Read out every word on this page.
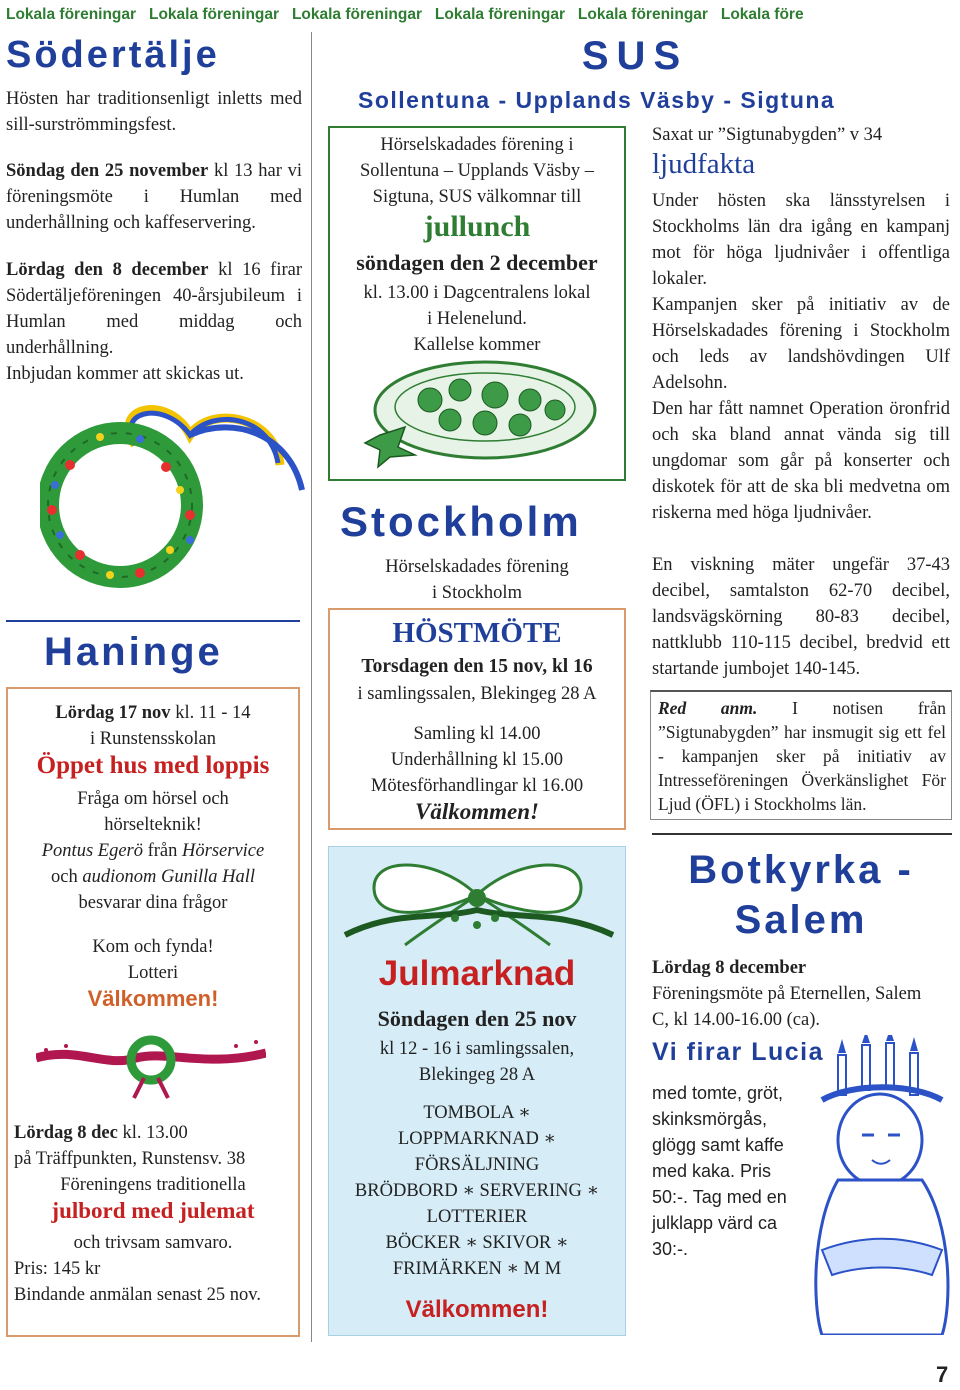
Lokala föreningar   Lokala föreningar   Lokala föreningar   Lokala föreningar   Lokala föreningar   Lokala före
Södertälje
Hösten har traditionsenligt inletts med sill-surströmmingsfest.
Söndag den 25 november kl 13 har vi föreningsmöte i Humlan med underhållning och kaffeservering.
Lördag den 8 december kl 16 firar Södertäljeföreningen 40-årsjubileum i Humlan med middag och underhållning.
Inbjudan kommer att skickas ut.
Haninge
Lördag 17 nov kl. 11 - 14
i Runstensskolan
Öppet hus med loppis
Fråga om hörsel och
hörselteknik!
Pontus Egerö från Hörservice
och audionom Gunilla Hall
besvarar dina frågor
Kom och fynda!
Lotteri
Välkommen!
Lördag 8 dec kl. 13.00
på Träffpunkten, Runstensv. 38
Föreningens traditionella
julbord med julemat
och trivsam samvaro.
Pris: 145 kr
Bindande anmälan senast 25 nov.
SUS
Sollentuna - Upplands Väsby - Sigtuna
Hörselskadades förening i
Sollentuna – Upplands Väsby –
Sigtuna, SUS välkomnar till
jullunch
söndagen den 2 december
kl. 13.00 i Dagcentralens lokal
i Helenelund.
Kallelse kommer
Stockholm
Hörselskadades förening
i Stockholm
HÖSTMÖTE
Torsdagen den 15 nov, kl 16
i samlingssalen, Blekingeg 28 A
Samling kl 14.00
Underhållning kl 15.00
Mötesförhandlingar kl 16.00
Välkommen!
Julmarknad
Söndagen den 25 nov
kl 12 - 16 i samlingssalen,
Blekingeg 28 A
TOMBOLA ∗
LOPPMARKNAD ∗
FÖRSÄLJNING
BRÖDBORD ∗ SERVERING ∗
LOTTERIER
BÖCKER ∗ SKIVOR ∗
FRIMÄRKEN ∗ M M
Välkommen!
Saxat ur ”Sigtunabygden” v 34
ljudfakta
Under hösten ska länsstyrelsen i Stockholms län dra igång en kampanj mot för höga ljudnivåer i offentliga lokaler.
Kampanjen sker på initiativ av de Hörselskadades förening i Stockholm och leds av landshövdingen Ulf Adelsohn.
Den har fått namnet Operation öronfrid och ska bland annat vända sig till ungdomar som går på konserter och diskotek för att de ska bli medvetna om riskerna med höga ljudnivåer.
En viskning mäter ungefär 37-43 decibel, samtalston 62-70 decibel, landsvägskörning 80-83 decibel, nattklubb 110-115 decibel, bredvid ett startande jumbojet 140-145.
Red anm. I notisen från ”Sigtunabygden” har insmugit sig ett fel - kampanjen sker på initiativ av Intresseföreningen Överkänslighet För Ljud (ÖFL) i Stockholms län.
Botkyrka -
Salem
Lördag 8 december
Föreningsmöte på Eternellen, Salem C, kl 14.00-16.00 (ca).
Vi firar Lucia
med tomte, gröt, skinksmörgås, glögg samt kaffe med kaka. Pris 50:-. Tag med en julklapp värd ca 30:-.
7
